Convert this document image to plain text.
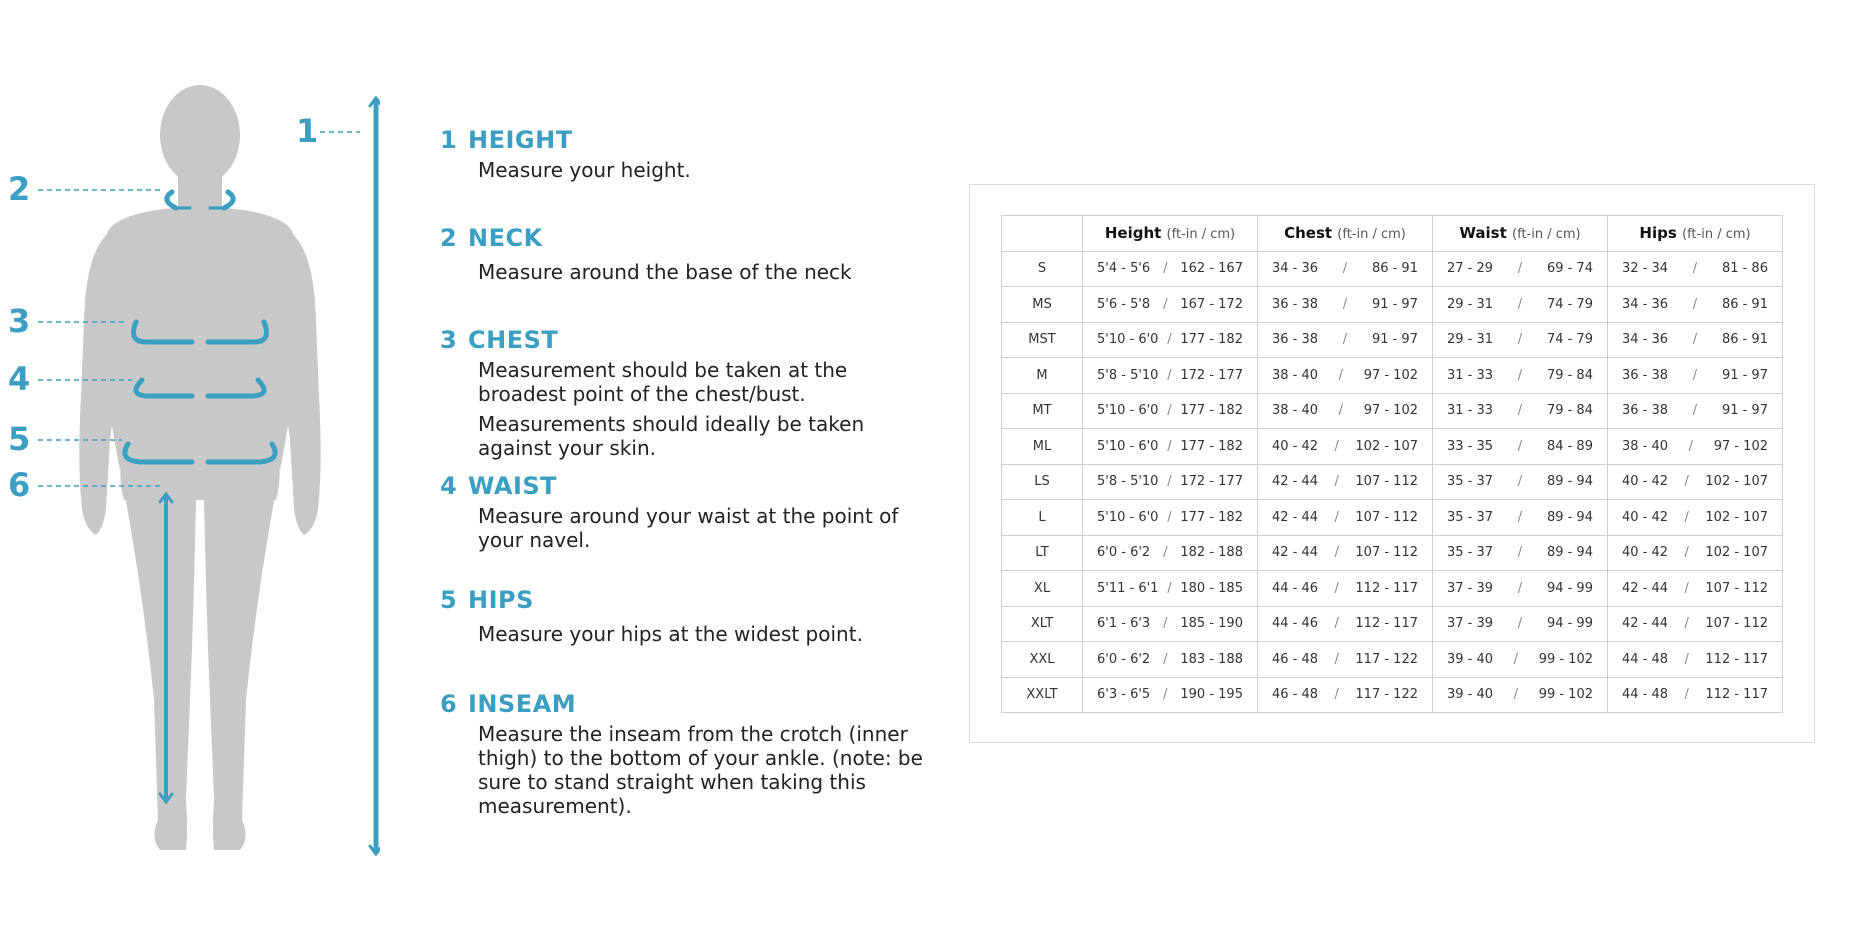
1
2
3
4
5
6
1 HEIGHT

Measure your height.

2 NECK

Measure around the base of the neck

3 CHEST

Measurement should be taken at the broadest point of the chest/bust.

Measurements should ideally be taken against your skin.

4 WAIST

Measure around your waist at the point of your navel.

5 HIPS

Measure your hips at the widest point.

6 INSEAM

Measure the inseam from the crotch (inner thigh) to the bottom of your ankle. (note: be sure to stand straight when taking this measurement).

	Height (ft-in / cm)	Chest (ft-in / cm)	Waist (ft-in / cm)	Hips (ft-in / cm)
S	5'4 - 5'6 / 162 - 167	34 - 36 / 86 - 91	27 - 29 / 69 - 74	32 - 34 / 81 - 86

MS	5'6 - 5'8 / 167 - 172	36 - 38 / 91 - 97	29 - 31 / 74 - 79	34 - 36 / 86 - 91

MST	5'10 - 6'0 / 177 - 182	36 - 38 / 91 - 97	29 - 31 / 74 - 79	34 - 36 / 86 - 91

M	5'8 - 5'10 / 172 - 177	38 - 40 / 97 - 102	31 - 33 / 79 - 84	36 - 38 / 91 - 97

MT	5'10 - 6'0 / 177 - 182	38 - 40 / 97 - 102	31 - 33 / 79 - 84	36 - 38 / 91 - 97

ML	5'10 - 6'0 / 177 - 182	40 - 42 / 102 - 107	33 - 35 / 84 - 89	38 - 40 / 97 - 102

LS	5'8 - 5'10 / 172 - 177	42 - 44 / 107 - 112	35 - 37 / 89 - 94	40 - 42 / 102 - 107

L	5'10 - 6'0 / 177 - 182	42 - 44 / 107 - 112	35 - 37 / 89 - 94	40 - 42 / 102 - 107

LT	6'0 - 6'2 / 182 - 188	42 - 44 / 107 - 112	35 - 37 / 89 - 94	40 - 42 / 102 - 107

XL	5'11 - 6'1 / 180 - 185	44 - 46 / 112 - 117	37 - 39 / 94 - 99	42 - 44 / 107 - 112

XLT	6'1 - 6'3 / 185 - 190	44 - 46 / 112 - 117	37 - 39 / 94 - 99	42 - 44 / 107 - 112

XXL	6'0 - 6'2 / 183 - 188	46 - 48 / 117 - 122	39 - 40 / 99 - 102	44 - 48 / 112 - 117

XXLT	6'3 - 6'5 / 190 - 195	46 - 48 / 117 - 122	39 - 40 / 99 - 102	44 - 48 / 112 - 117
